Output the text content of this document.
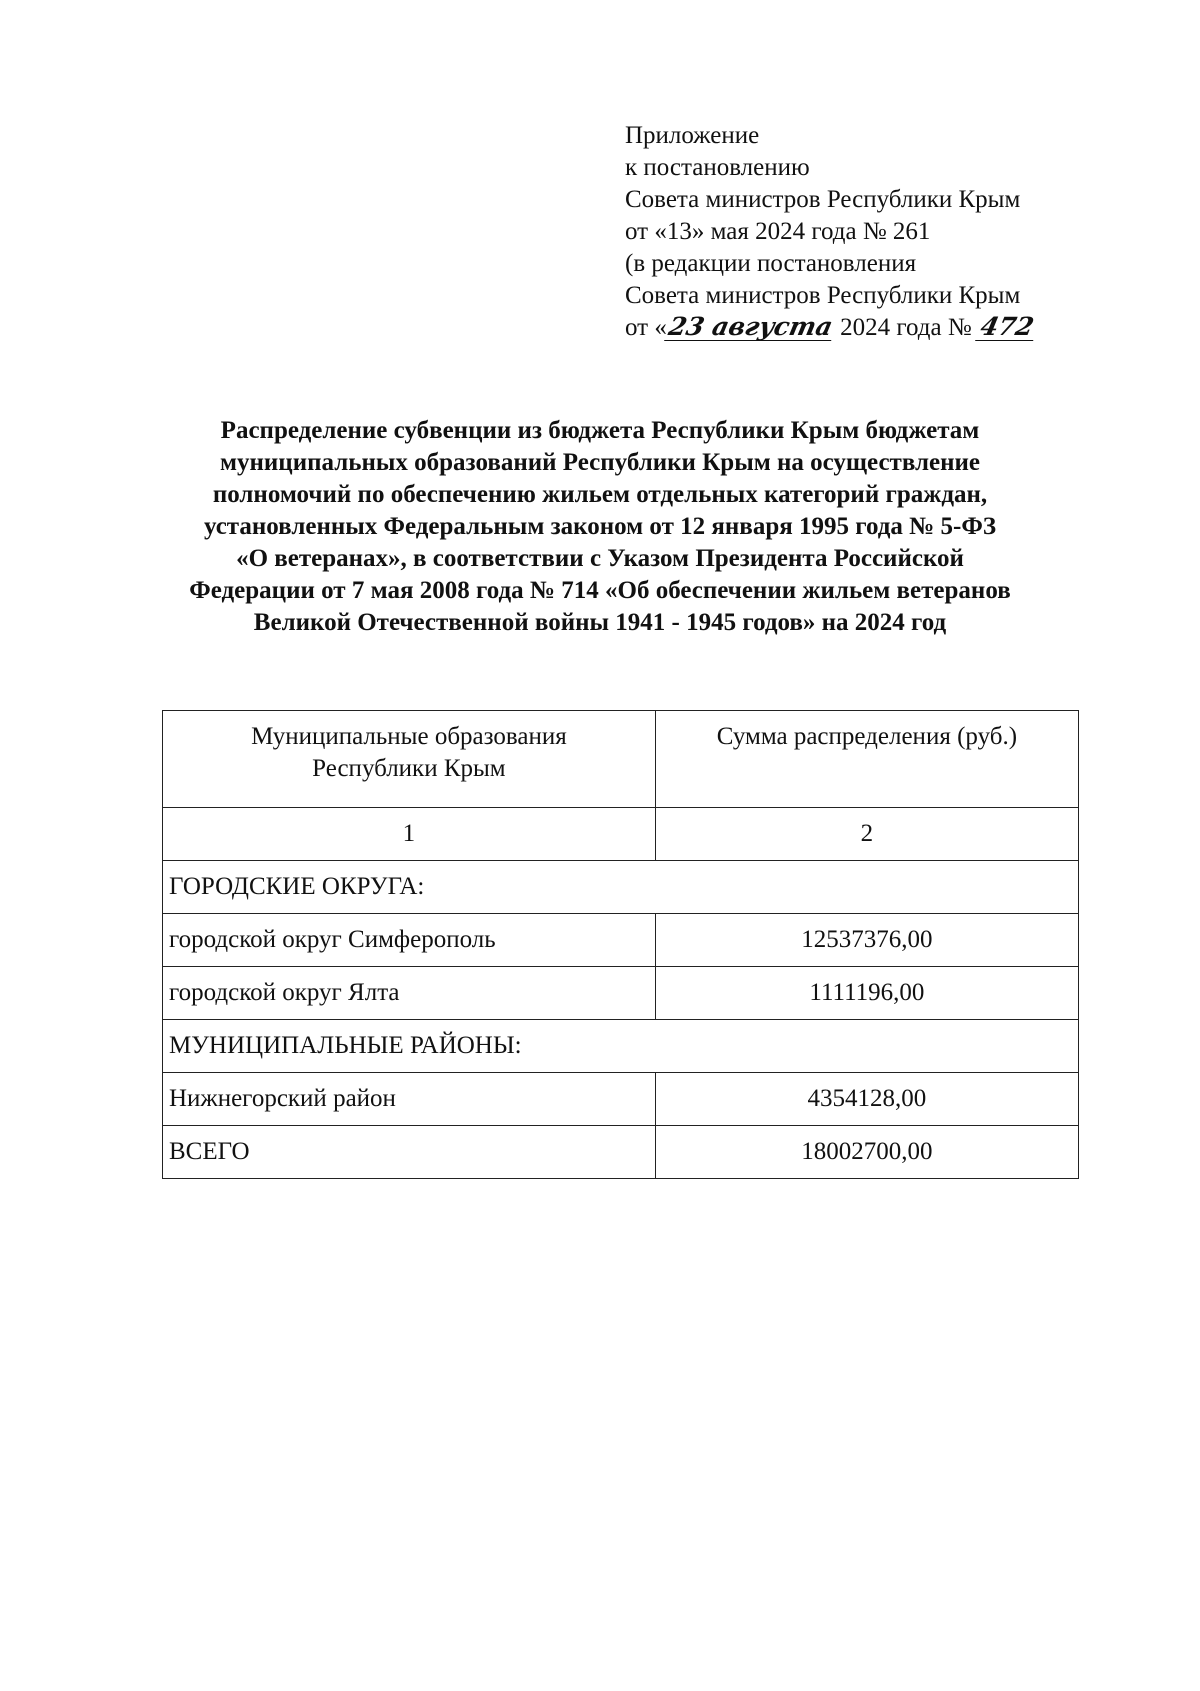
Приложение
к постановлению
Совета министров Республики Крым
от «13» мая 2024 года № 261
(в редакции постановления
Совета министров Республики Крым
от «23 августа 2024 года № 472
Распределение субвенции из бюджета Республики Крым бюджетам
муниципальных образований Республики Крым на осуществление
полномочий по обеспечению жильем отдельных категорий граждан,
установленных Федеральным законом от 12 января 1995 года № 5-ФЗ
«О ветеранах», в соответствии с Указом Президента Российской
Федерации от 7 мая 2008 года № 714 «Об обеспечении жильем ветеранов
Великой Отечественной войны 1941 - 1945 годов» на 2024 год
Муниципальные образования
Республики Крым	Сумма распределения (руб.)
1	2
ГОРОДСКИЕ ОКРУГА:	
городской округ Симферополь	12537376,00
городской округ Ялта	1111196,00
МУНИЦИПАЛЬНЫЕ РАЙОНЫ:	
Нижнегорский район	4354128,00
ВСЕГО	18002700,00
